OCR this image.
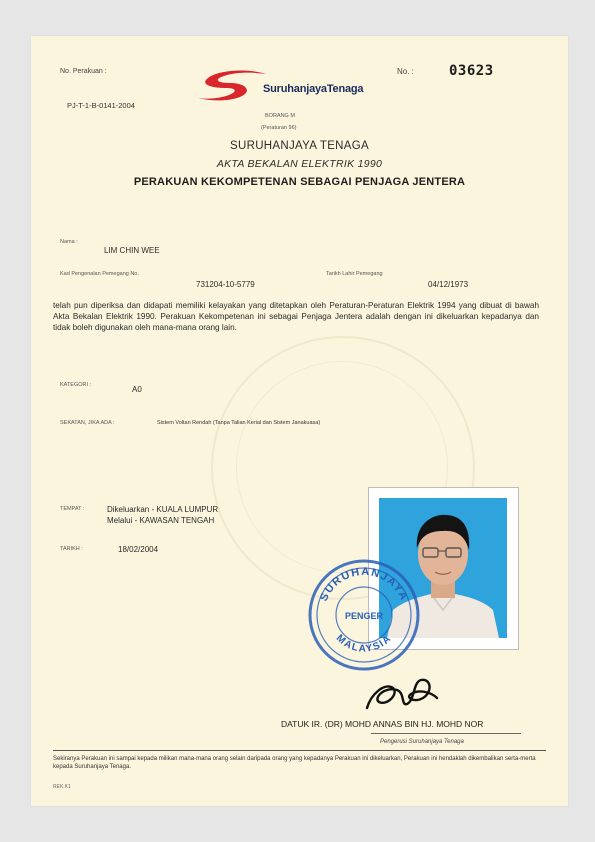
No. Perakuan :
PJ-T-1-B-0141-2004
SuruhanjayaTenaga
No. :	03623
BORANG M
(Peraturan 96)
SURUHANJAYA TENAGA
AKTA BEKALAN ELEKTRIK 1990
PERAKUAN KEKOMPETENAN SEBAGAI PENJAGA JENTERA
Nama :
LIM CHIN WEE
Kad Pengenalan Pemegang No.
731204-10-5779
Tarikh Lahir Pemegang
04/12/1973
telah pun diperiksa dan didapati memiliki kelayakan yang ditetapkan oleh Peraturan-Peraturan Elektrik 1994 yang dibuat di bawah Akta Bekalan Elektrik 1990. Perakuan Kekompetenan ini sebagai Penjaga Jentera adalah dengan ini dikeluarkan kepadanya dan tidak boleh digunakan oleh mana-mana orang lain.
KATEGORI :	A0
SEKATAN, JIKA ADA :	Sistem Voltan Rendah (Tanpa Talian Kerial dan Sistem Janakuasa)
TEMPAT :	Dikeluarkan - KUALA LUMPUR
Melalui - KAWASAN TENGAH
TARIKH :	18/02/2004
SURUHANJAYA
MALAYSIA
PENGER
DATUK IR. (DR) MOHD ANNAS BIN HJ. MOHD NOR
Pengerusi Suruhanjaya Tenaga
Sekiranya Perakuan ini sampai kepada milikan mana-mana orang selain daripada orang yang kepadanya Perakuan ini dikeluarkan, Perakuan ini hendaklah dikembalikan serta-merta kepada Suruhanjaya Tenaga.
REK.K1
